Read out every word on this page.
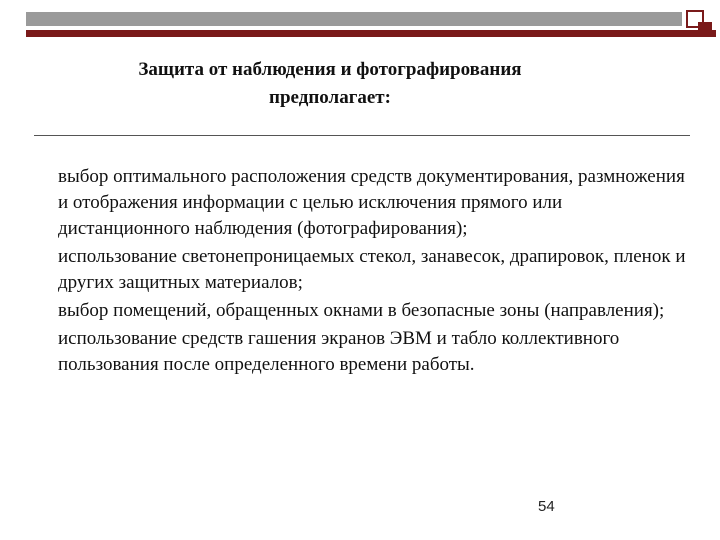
Защита от наблюдения и фотографирования
предполагает:
выбор оптимального расположения средств документирования, размножения и отображения информации с целью исключения прямого или дистанционного наблюдения (фотографирования);
использование светонепроницаемых стекол, занавесок, драпировок, пленок и других защитных материалов;
выбор помещений, обращенных окнами в безопасные зоны (направления);
использование средств гашения экранов ЭВМ и табло коллективного пользования после определенного времени работы.
54
